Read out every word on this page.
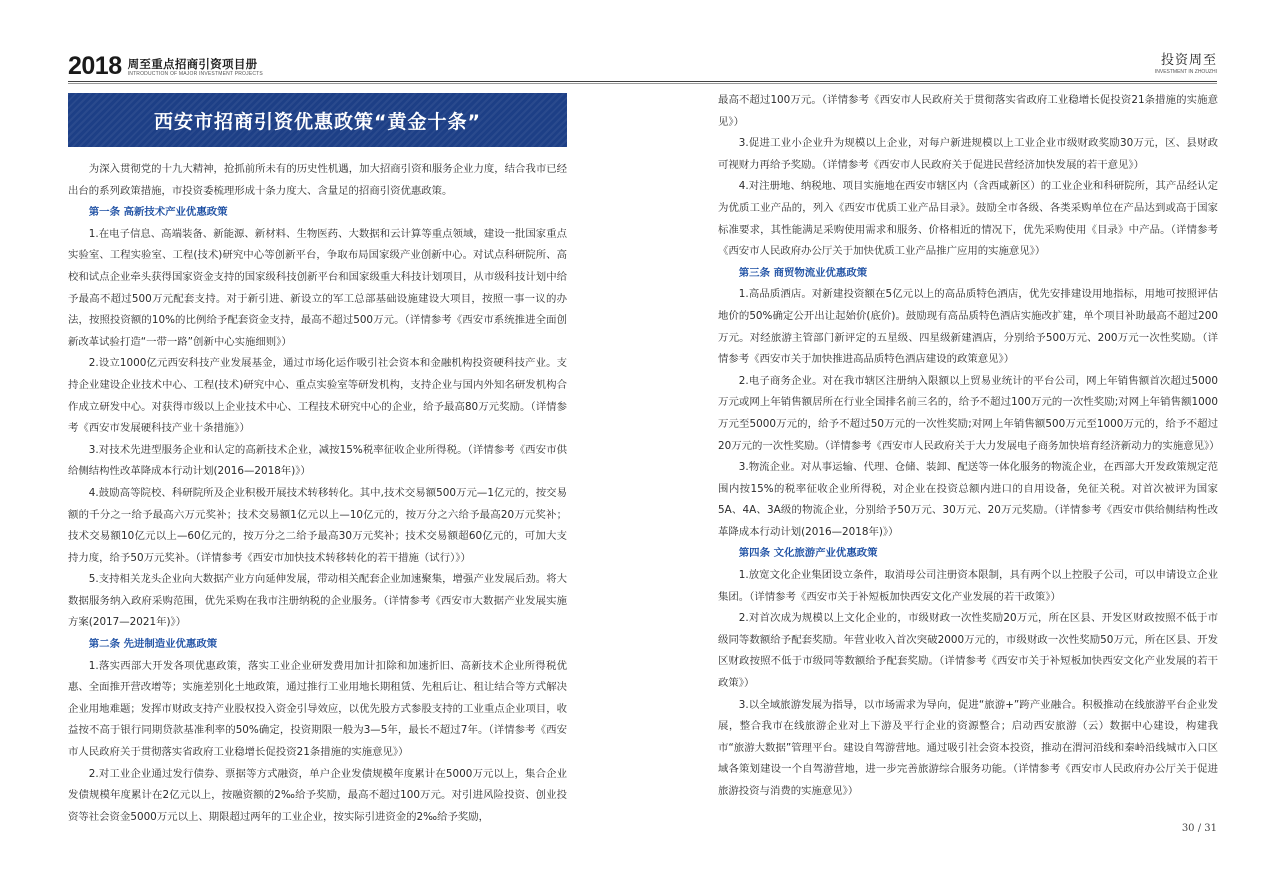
2018 周至重点招商引资项目册
INTRODUCTION OF MAJOR INVESTMENT PROJECTS
投资周至
INVESTMENT IN ZHOUZHI
西安市招商引资优惠政策“黄金十条”

为深入贯彻党的十九大精神，抢抓前所未有的历史性机遇，加大招商引资和服务企业力度，结合我市已经出台的系列政策措施，市投资委梳理形成十条力度大、含量足的招商引资优惠政策。

第一条 高新技术产业优惠政策

1.在电子信息、高端装备、新能源、新材料、生物医药、大数据和云计算等重点领域，建设一批国家重点实验室、工程实验室、工程(技术)研究中心等创新平台，争取布局国家级产业创新中心。对试点科研院所、高校和试点企业牵头获得国家资金支持的国家级科技创新平台和国家级重大科技计划项目，从市级科技计划中给予最高不超过500万元配套支持。对于新引进、新设立的军工总部基础设施建设大项目，按照一事一议的办法，按照投资额的10%的比例给予配套资金支持，最高不超过500万元。（详情参考《西安市系统推进全面创新改革试验打造“一带一路”创新中心实施细则》）

2.设立1000亿元西安科技产业发展基金，通过市场化运作吸引社会资本和金融机构投资硬科技产业。支持企业建设企业技术中心、工程(技术)研究中心、重点实验室等研发机构，支持企业与国内外知名研发机构合作成立研发中心。对获得市级以上企业技术中心、工程技术研究中心的企业，给予最高80万元奖励。（详情参考《西安市发展硬科技产业十条措施》）

3.对技术先进型服务企业和认定的高新技术企业，减按15%税率征收企业所得税。（详情参考《西安市供给侧结构性改革降成本行动计划(2016—2018年)》）

4.鼓励高等院校、科研院所及企业积极开展技术转移转化。其中,技术交易额500万元—1亿元的，按交易额的千分之一给予最高六万元奖补；技术交易额1亿元以上—10亿元的，按万分之六给予最高20万元奖补；技术交易额10亿元以上—60亿元的，按万分之二给予最高30万元奖补；技术交易额超60亿元的，可加大支持力度，给予50万元奖补。（详情参考《西安市加快技术转移转化的若干措施（试行）》）

5.支持相关龙头企业向大数据产业方向延伸发展，带动相关配套企业加速聚集，增强产业发展后劲。将大数据服务纳入政府采购范围，优先采购在我市注册纳税的企业服务。（详情参考《西安市大数据产业发展实施方案(2017—2021年)》）

第二条 先进制造业优惠政策

1.落实西部大开发各项优惠政策，落实工业企业研发费用加计扣除和加速折旧、高新技术企业所得税优惠、全面推开营改增等；实施差别化土地政策，通过推行工业用地长期租赁、先租后让、租让结合等方式解决企业用地难题；发挥市财政支持产业股权投入资金引导效应，以优先股方式参股支持的工业重点企业项目，收益按不高于银行同期贷款基准利率的50%确定，投资期限一般为3—5年，最长不超过7年。（详情参考《西安市人民政府关于贯彻落实省政府工业稳增长促投资21条措施的实施意见》）

2.对工业企业通过发行债券、票据等方式融资，单户企业发债规模年度累计在5000万元以上，集合企业发债规模年度累计在2亿元以上，按融资额的2‰给予奖励，最高不超过100万元。对引进风险投资、创业投资等社会资金5000万元以上、期限超过两年的工业企业，按实际引进资金的2‰给予奖励，

最高不超过100万元。（详情参考《西安市人民政府关于贯彻落实省政府工业稳增长促投资21条措施的实施意见》）

3.促进工业小企业升为规模以上企业，对每户新进规模以上工业企业市级财政奖励30万元，区、县财政可视财力再给予奖励。（详情参考《西安市人民政府关于促进民营经济加快发展的若干意见》）

4.对注册地、纳税地、项目实施地在西安市辖区内（含西咸新区）的工业企业和科研院所，其产品经认定为优质工业产品的，列入《西安市优质工业产品目录》。鼓励全市各级、各类采购单位在产品达到或高于国家标准要求，其性能满足采购使用需求和服务、价格相近的情况下，优先采购使用《目录》中产品。（详情参考《西安市人民政府办公厅关于加快优质工业产品推广应用的实施意见》）

第三条 商贸物流业优惠政策

1.高品质酒店。对新建投资额在5亿元以上的高品质特色酒店，优先安排建设用地指标，用地可按照评估地价的50%确定公开出让起始价(底价)。鼓励现有高品质特色酒店实施改扩建，单个项目补助最高不超过200万元。对经旅游主管部门新评定的五星级、四星级新建酒店，分别给予500万元、200万元一次性奖励。（详情参考《西安市关于加快推进高品质特色酒店建设的政策意见》）

2.电子商务企业。对在我市辖区注册纳入限额以上贸易业统计的平台公司，网上年销售额首次超过5000万元或网上年销售额居所在行业全国排名前三名的，给予不超过100万元的一次性奖励;对网上年销售额1000万元至5000万元的，给予不超过50万元的一次性奖励;对网上年销售额500万元至1000万元的，给予不超过20万元的一次性奖励。（详情参考《西安市人民政府关于大力发展电子商务加快培育经济新动力的实施意见》）

3.物流企业。对从事运输、代理、仓储、装卸、配送等一体化服务的物流企业，在西部大开发政策规定范围内按15%的税率征收企业所得税，对企业在投资总额内进口的自用设备，免征关税。对首次被评为国家5A、4A、3A级的物流企业，分别给予50万元、30万元、20万元奖励。（详情参考《西安市供给侧结构性改革降成本行动计划(2016—2018年)》）

第四条 文化旅游产业优惠政策

1.放宽文化企业集团设立条件，取消母公司注册资本限制，具有两个以上控股子公司，可以申请设立企业集团。（详情参考《西安市关于补短板加快西安文化产业发展的若干政策》）

2.对首次成为规模以上文化企业的，市级财政一次性奖励20万元，所在区县、开发区财政按照不低于市级同等数额给予配套奖励。年营业收入首次突破2000万元的，市级财政一次性奖励50万元，所在区县、开发区财政按照不低于市级同等数额给予配套奖励。（详情参考《西安市关于补短板加快西安文化产业发展的若干政策》）

3.以全域旅游发展为指导，以市场需求为导向，促进“旅游+”跨产业融合。积极推动在线旅游平台企业发展，整合我市在线旅游企业对上下游及平行企业的资源整合；启动西安旅游（云）数据中心建设，构建我市“旅游大数据”管理平台。建设自驾游营地。通过吸引社会资本投资，推动在渭河沿线和秦岭沿线城市入口区域各策划建设一个自驾游营地，进一步完善旅游综合服务功能。（详情参考《西安市人民政府办公厅关于促进旅游投资与消费的实施意见》）

30 / 31
